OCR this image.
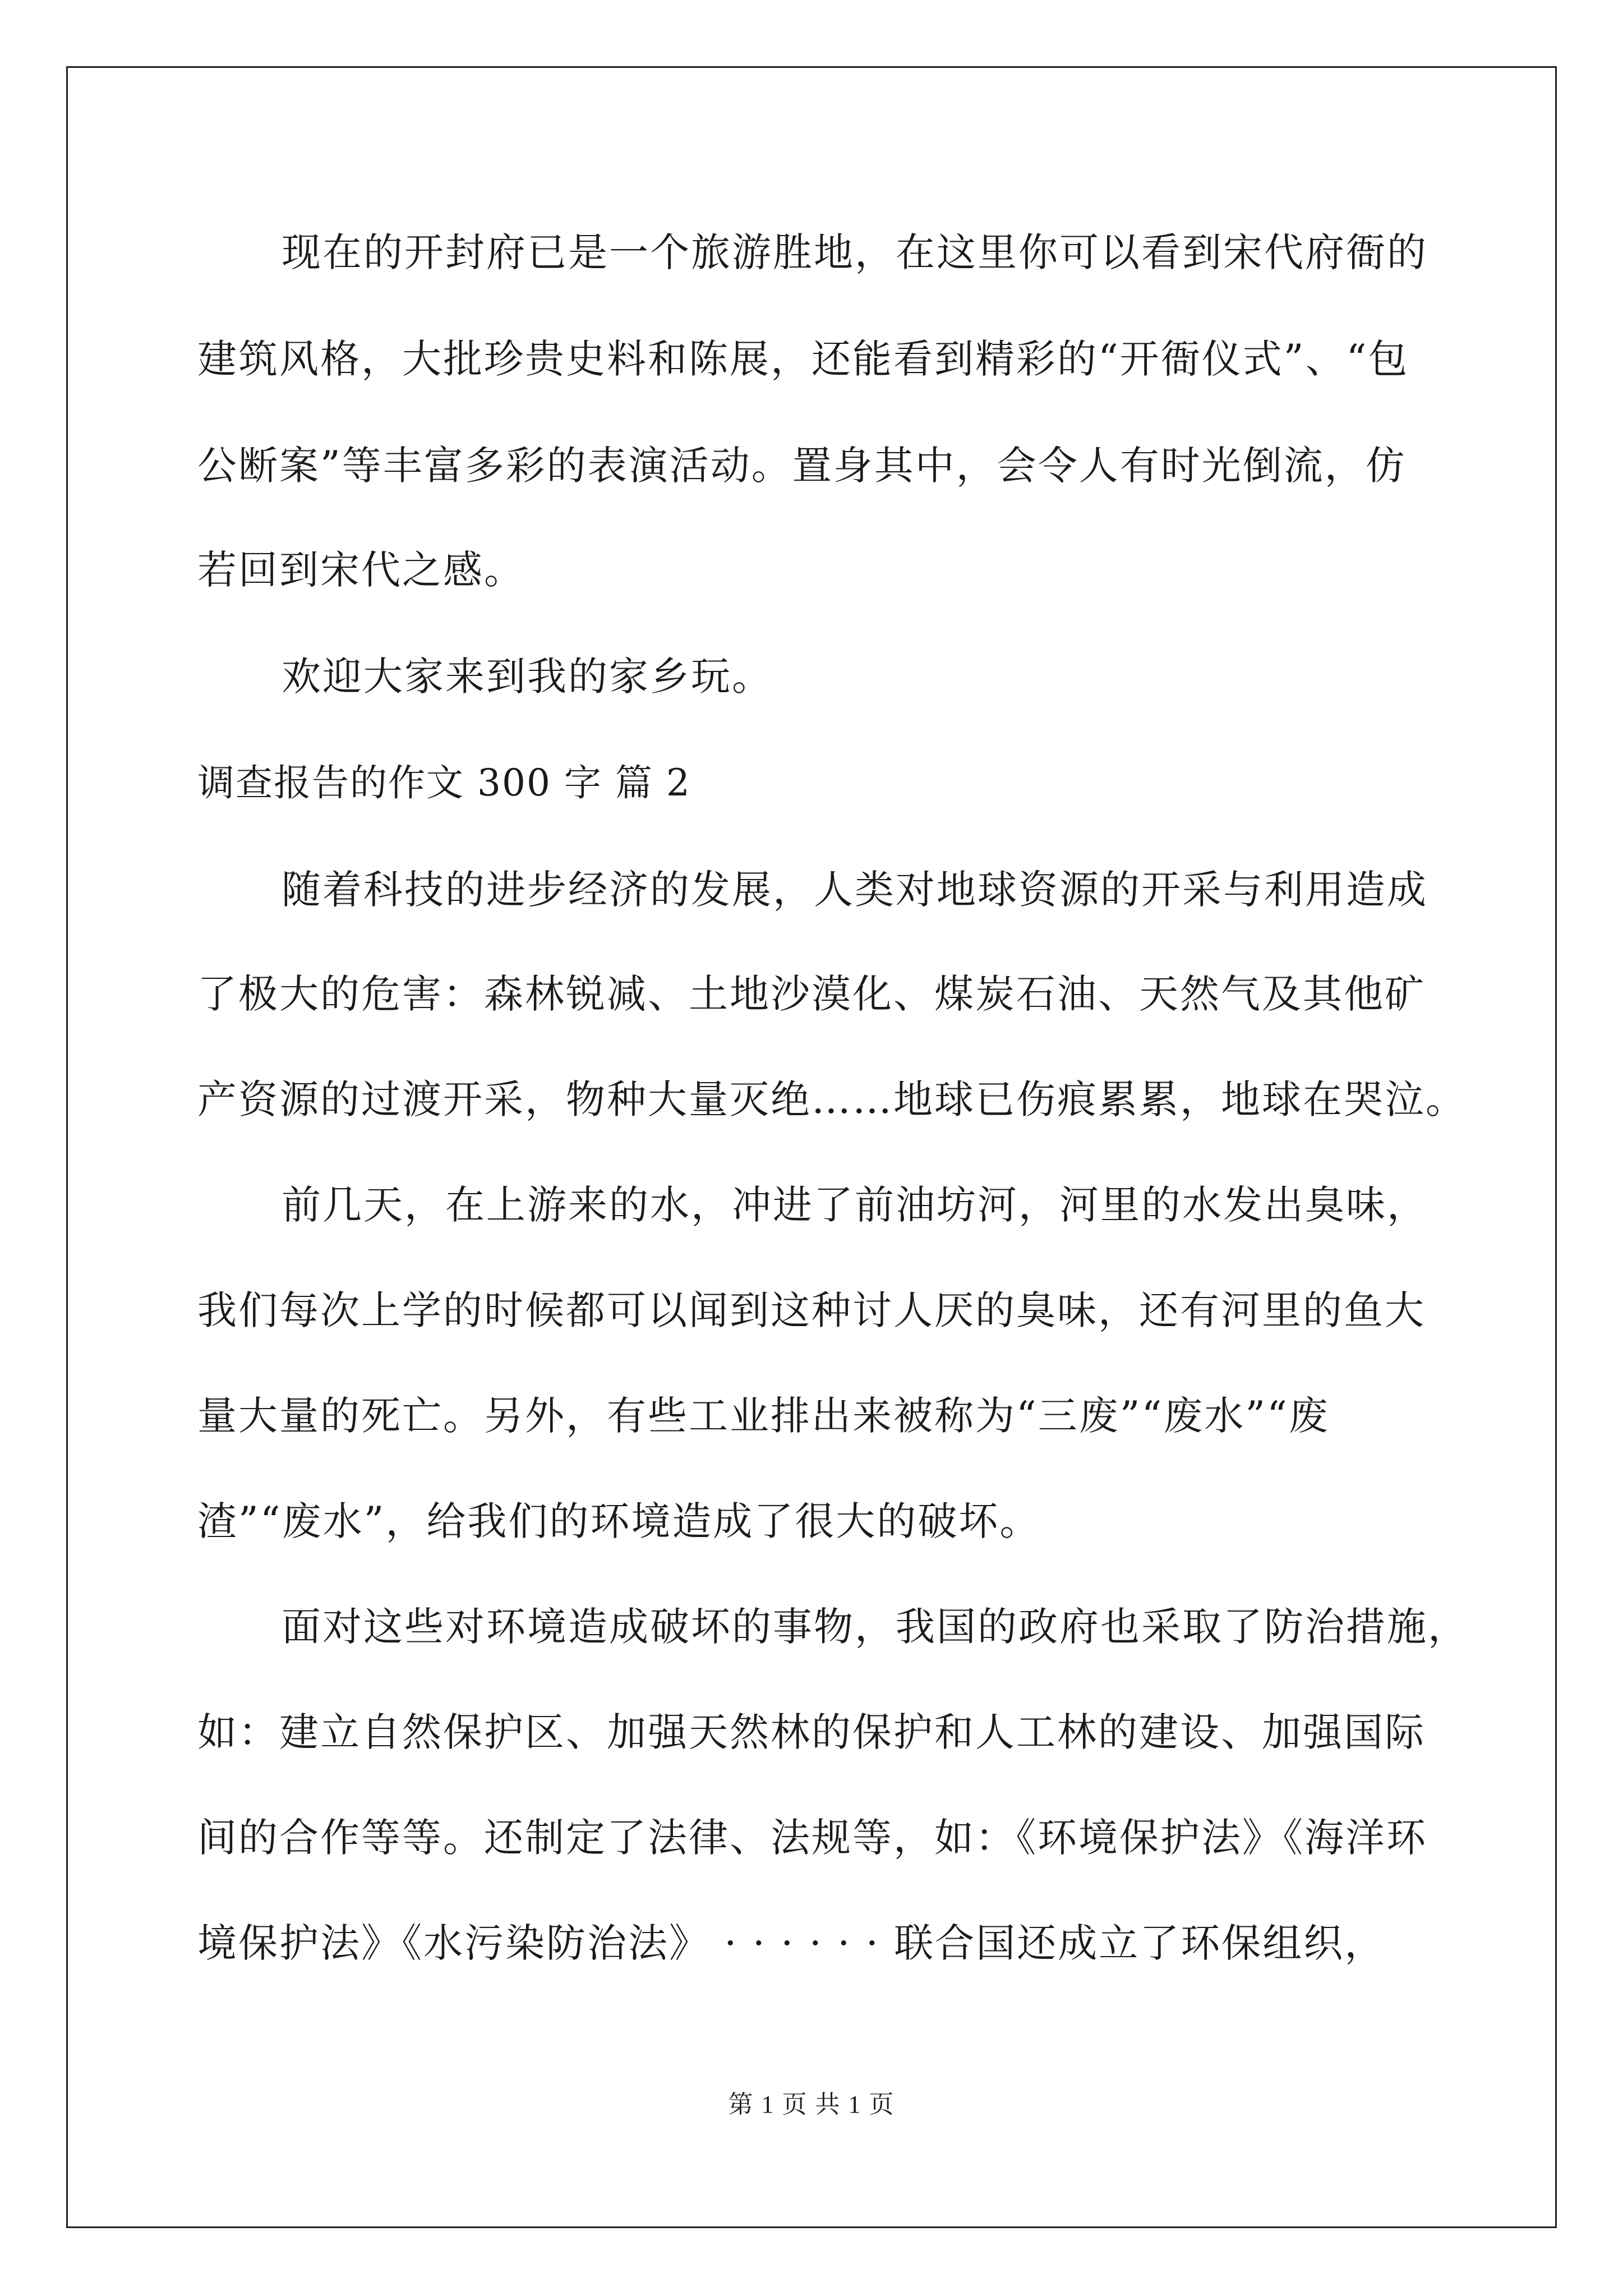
现在的开封府已是一个旅游胜地，在这里你可以看到宋代府衙的

建筑风格，大批珍贵史料和陈展，还能看到精彩的“开衙仪式”、“包

公断案”等丰富多彩的表演活动。置身其中，会令人有时光倒流，仿

若回到宋代之感。

欢迎大家来到我的家乡玩。

调查报告的作文 300 字 篇 2

随着科技的进步经济的发展，人类对地球资源的开采与利用造成

了极大的危害：森林锐减、土地沙漠化、煤炭石油、天然气及其他矿

产资源的过渡开采，物种大量灭绝……地球已伤痕累累，地球在哭泣。

前几天，在上游来的水，冲进了前油坊河，河里的水发出臭味，

我们每次上学的时候都可以闻到这种讨人厌的臭味，还有河里的鱼大

量大量的死亡。另外，有些工业排出来被称为“三废”“废水”“废

渣”“废水”，给我们的环境造成了很大的破坏。

面对这些对环境造成破坏的事物，我国的政府也采取了防治措施，

如：建立自然保护区、加强天然林的保护和人工林的建设、加强国际

间的合作等等。还制定了法律、法规等，如：《环境保护法》《海洋环

境保护法》《水污染防治法》 · · · · · · 联合国还成立了环保组织，

第 1 页 共 1 页
